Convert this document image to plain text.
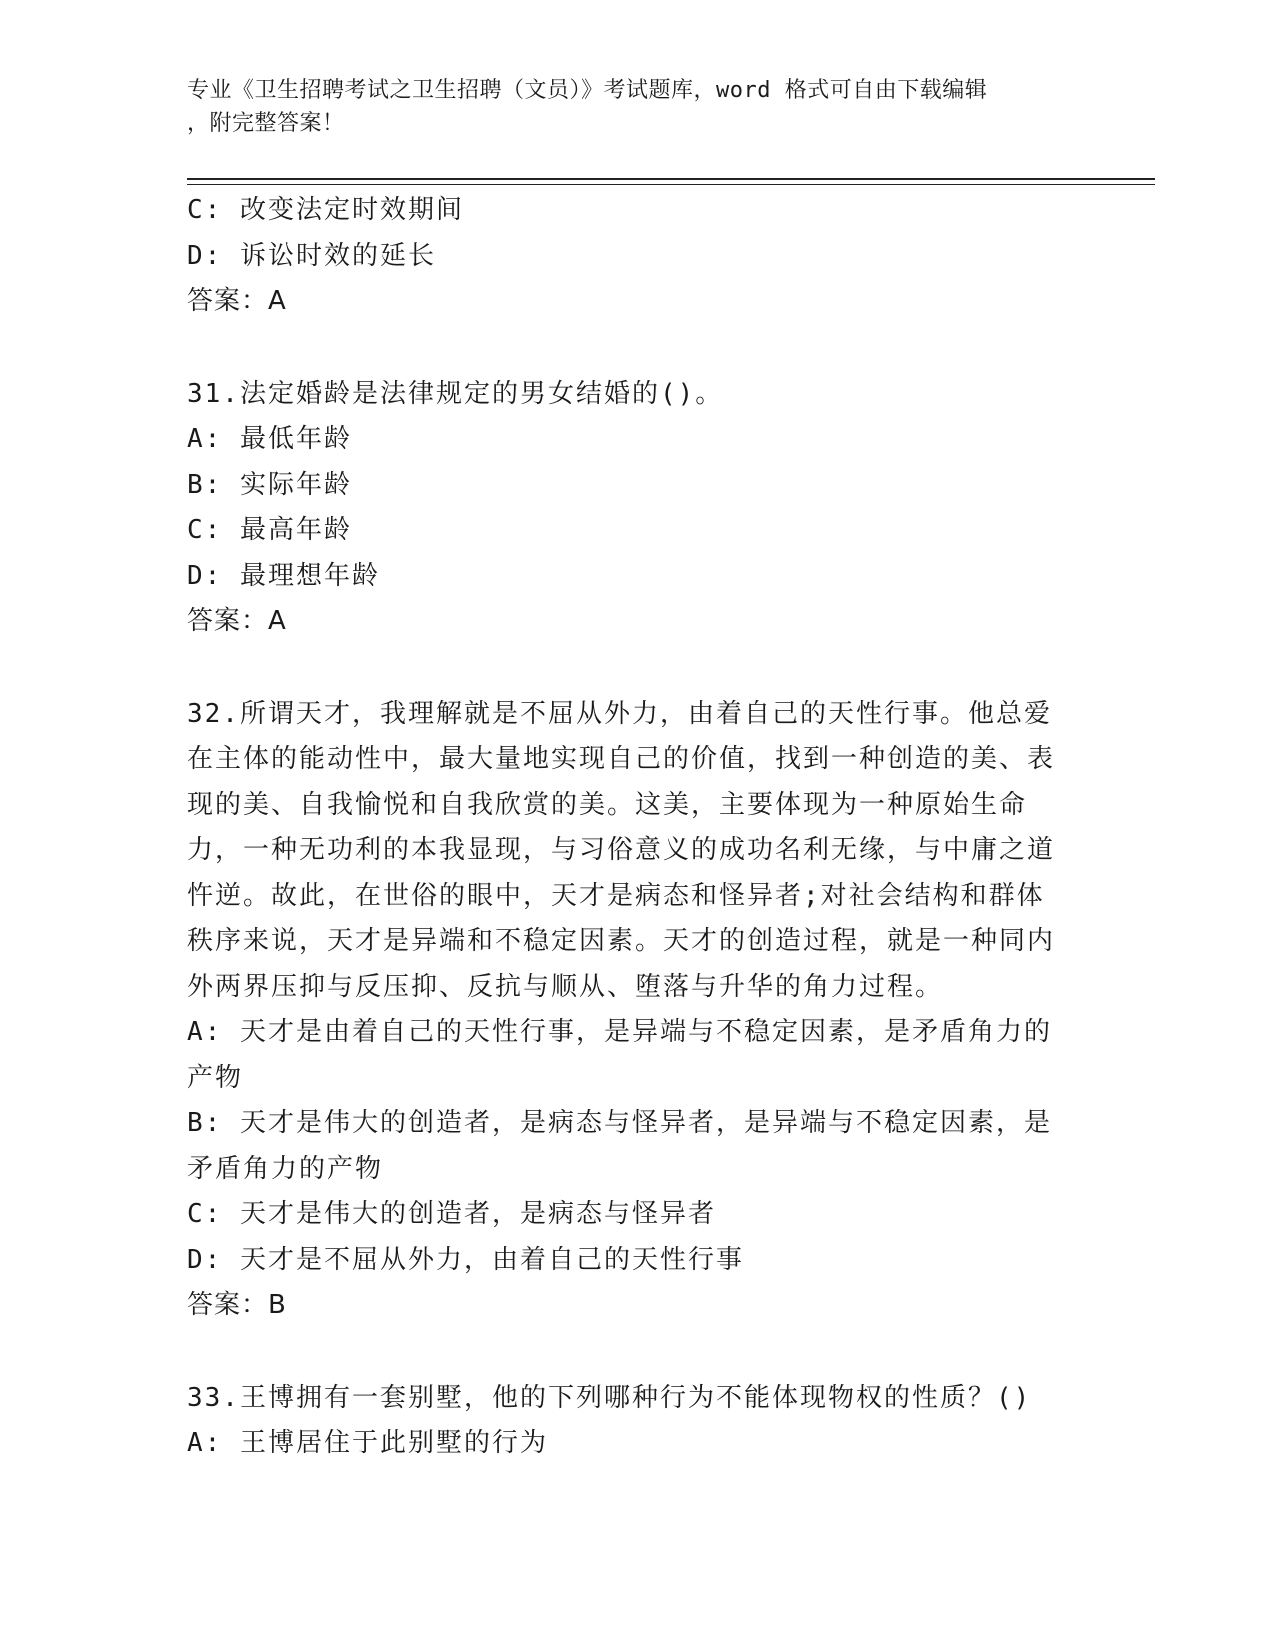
专业《卫生招聘考试之卫生招聘（文员）》考试题库，word 格式可自由下载编辑
，附完整答案！
C: 改变法定时效期间
D: 诉讼时效的延长
答案：A
31.法定婚龄是法律规定的男女结婚的()。
A: 最低年龄
B: 实际年龄
C: 最高年龄
D: 最理想年龄
答案：A
32.所谓天才，我理解就是不屈从外力，由着自己的天性行事。他总爱在主体的能动性中，最大量地实现自己的价值，找到一种创造的美、表现的美、自我愉悦和自我欣赏的美。这美，主要体现为一种原始生命力，一种无功利的本我显现，与习俗意义的成功名利无缘，与中庸之道忤逆。故此，在世俗的眼中，天才是病态和怪异者;对社会结构和群体秩序来说，天才是异端和不稳定因素。天才的创造过程，就是一种同内外两界压抑与反压抑、反抗与顺从、堕落与升华的角力过程。
A: 天才是由着自己的天性行事，是异端与不稳定因素，是矛盾角力的产物
B: 天才是伟大的创造者，是病态与怪异者，是异端与不稳定因素，是矛盾角力的产物
C: 天才是伟大的创造者，是病态与怪异者
D: 天才是不屈从外力，由着自己的天性行事
答案：B
33.王博拥有一套别墅，他的下列哪种行为不能体现物权的性质？()
A: 王博居住于此别墅的行为
